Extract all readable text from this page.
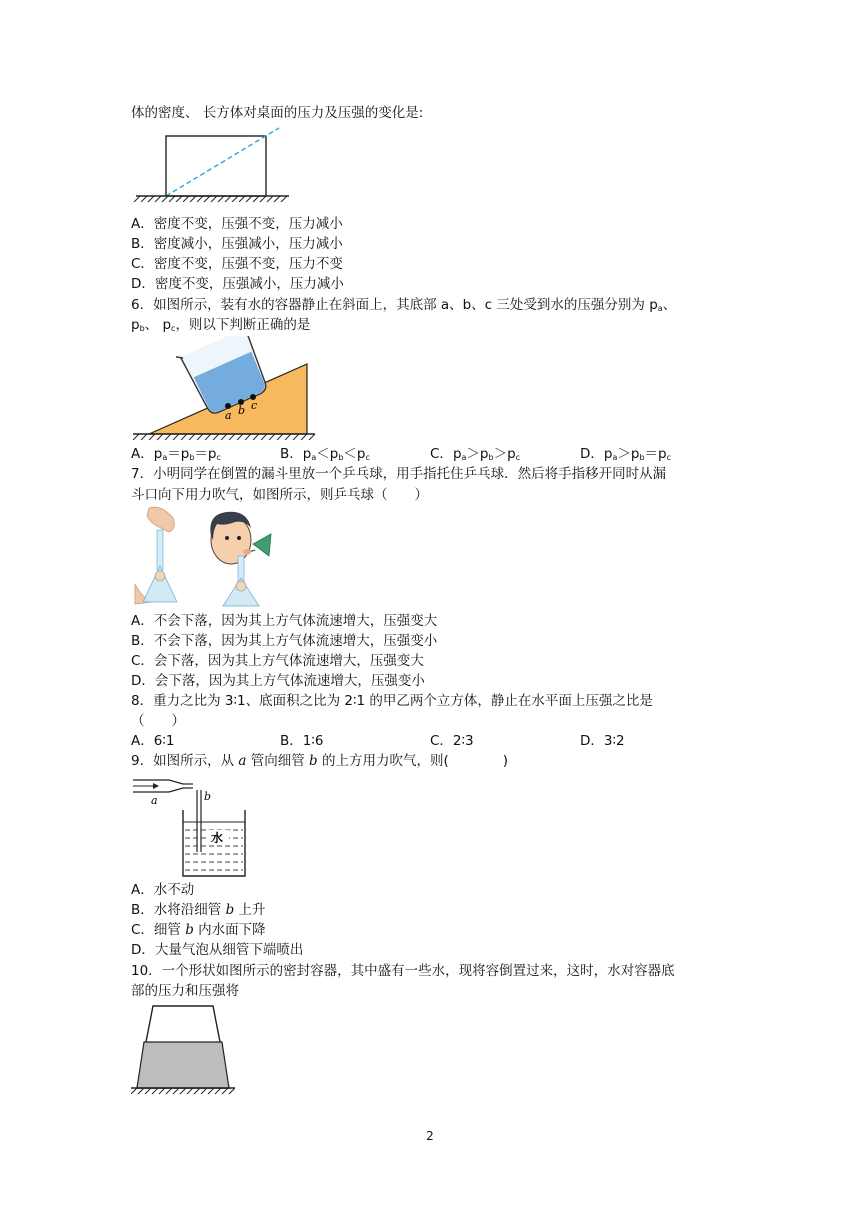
体的密度、 长方体对桌面的压力及压强的变化是:
A．密度不变，压强不变，压力减小
B．密度减小，压强减小，压力减小
C．密度不变，压强不变，压力不变
D．密度不变，压强减小，压力减小
6．如图所示，装有水的容器静止在斜面上，其底部 a、b、c 三处受到水的压强分别为 $p_a$、
$p_b$、 $p_c$，则以下判断正确的是
a b c
A．$p_a=p_b=p_c$	B．$p_a<p_b<p_c$	C．$p_a>p_b>p_c$	D．$p_a>p_b=p_c$
7．小明同学在倒置的漏斗里放一个乒乓球，用手指托住乒乓球．然后将手指移开同时从漏
斗口向下用力吹气，如图所示，则乒乓球（　　）
A．不会下落，因为其上方气体流速增大，压强变大
B．不会下落，因为其上方气体流速增大，压强变小
C．会下落，因为其上方气体流速增大，压强变大
D．会下落，因为其上方气体流速增大，压强变小
8．重力之比为 3∶1、底面积之比为 2∶1 的甲乙两个立方体，静止在水平面上压强之比是
（　　）
A．6∶1	B．1∶6	C．2∶3	D．3∶2
9．如图所示，从 a 管向细管 b 的上方用力吹气，则(　　　　)
a	b
水
A．水不动
B．水将沿细管 b 上升
C．细管 b 内水面下降
D．大量气泡从细管下端喷出
10．一个形状如图所示的密封容器，其中盛有一些水，现将容倒置过来，这时，水对容器底
部的压力和压强将
2
